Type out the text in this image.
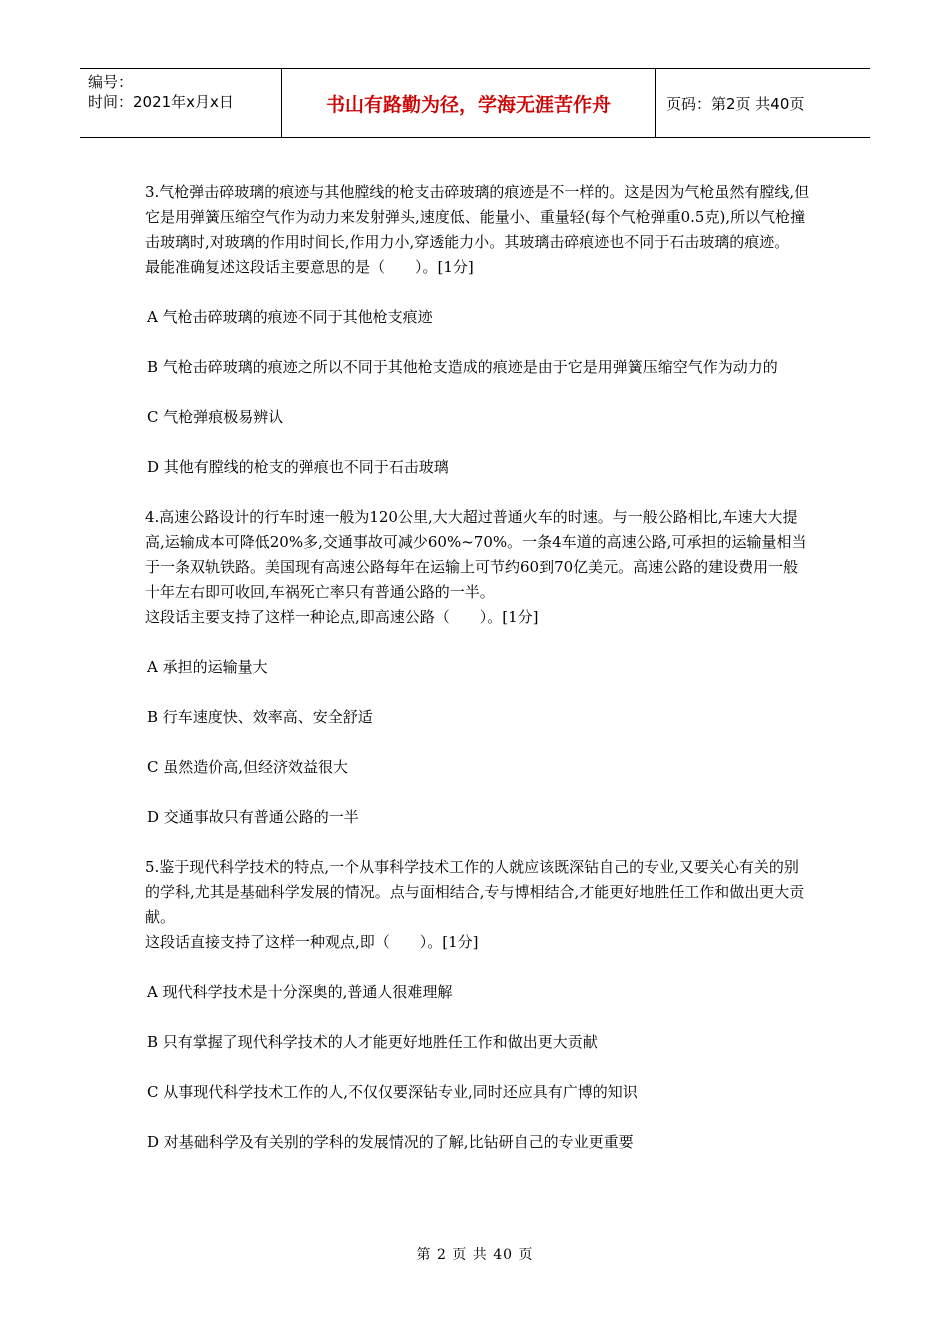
编号：
时间：2021年x月x日	书山有路勤为径，学海无涯苦作舟	页码：第2页 共40页

3.气枪弹击碎玻璃的痕迹与其他膛线的枪支击碎玻璃的痕迹是不一样的。这是因为气枪虽然有膛线,但它是用弹簧压缩空气作为动力来发射弹头,速度低、能量小、重量轻(每个气枪弹重0.5克),所以气枪撞击玻璃时,对玻璃的作用时间长,作用力小,穿透能力小。其玻璃击碎痕迹也不同于石击玻璃的痕迹。

最能准确复述这段话主要意思的是（　　）。[1分]

A 气枪击碎玻璃的痕迹不同于其他枪支痕迹

B 气枪击碎玻璃的痕迹之所以不同于其他枪支造成的痕迹是由于它是用弹簧压缩空气作为动力的

C 气枪弹痕极易辨认

D 其他有膛线的枪支的弹痕也不同于石击玻璃

4.高速公路设计的行车时速一般为120公里,大大超过普通火车的时速。与一般公路相比,车速大大提高,运输成本可降低20%多,交通事故可减少60%~70%。一条4车道的高速公路,可承担的运输量相当于一条双轨铁路。美国现有高速公路每年在运输上可节约60到70亿美元。高速公路的建设费用一般十年左右即可收回,车祸死亡率只有普通公路的一半。

这段话主要支持了这样一种论点,即高速公路（　　）。[1分]

A 承担的运输量大

B 行车速度快、效率高、安全舒适

C 虽然造价高,但经济效益很大

D 交通事故只有普通公路的一半

5.鉴于现代科学技术的特点,一个从事科学技术工作的人就应该既深钻自己的专业,又要关心有关的别的学科,尤其是基础科学发展的情况。点与面相结合,专与博相结合,才能更好地胜任工作和做出更大贡献。

这段话直接支持了这样一种观点,即（　　）。[1分]

A 现代科学技术是十分深奥的,普通人很难理解

B 只有掌握了现代科学技术的人才能更好地胜任工作和做出更大贡献

C 从事现代科学技术工作的人,不仅仅要深钻专业,同时还应具有广博的知识

D 对基础科学及有关别的学科的发展情况的了解,比钻研自己的专业更重要

第 2 页 共 40 页
